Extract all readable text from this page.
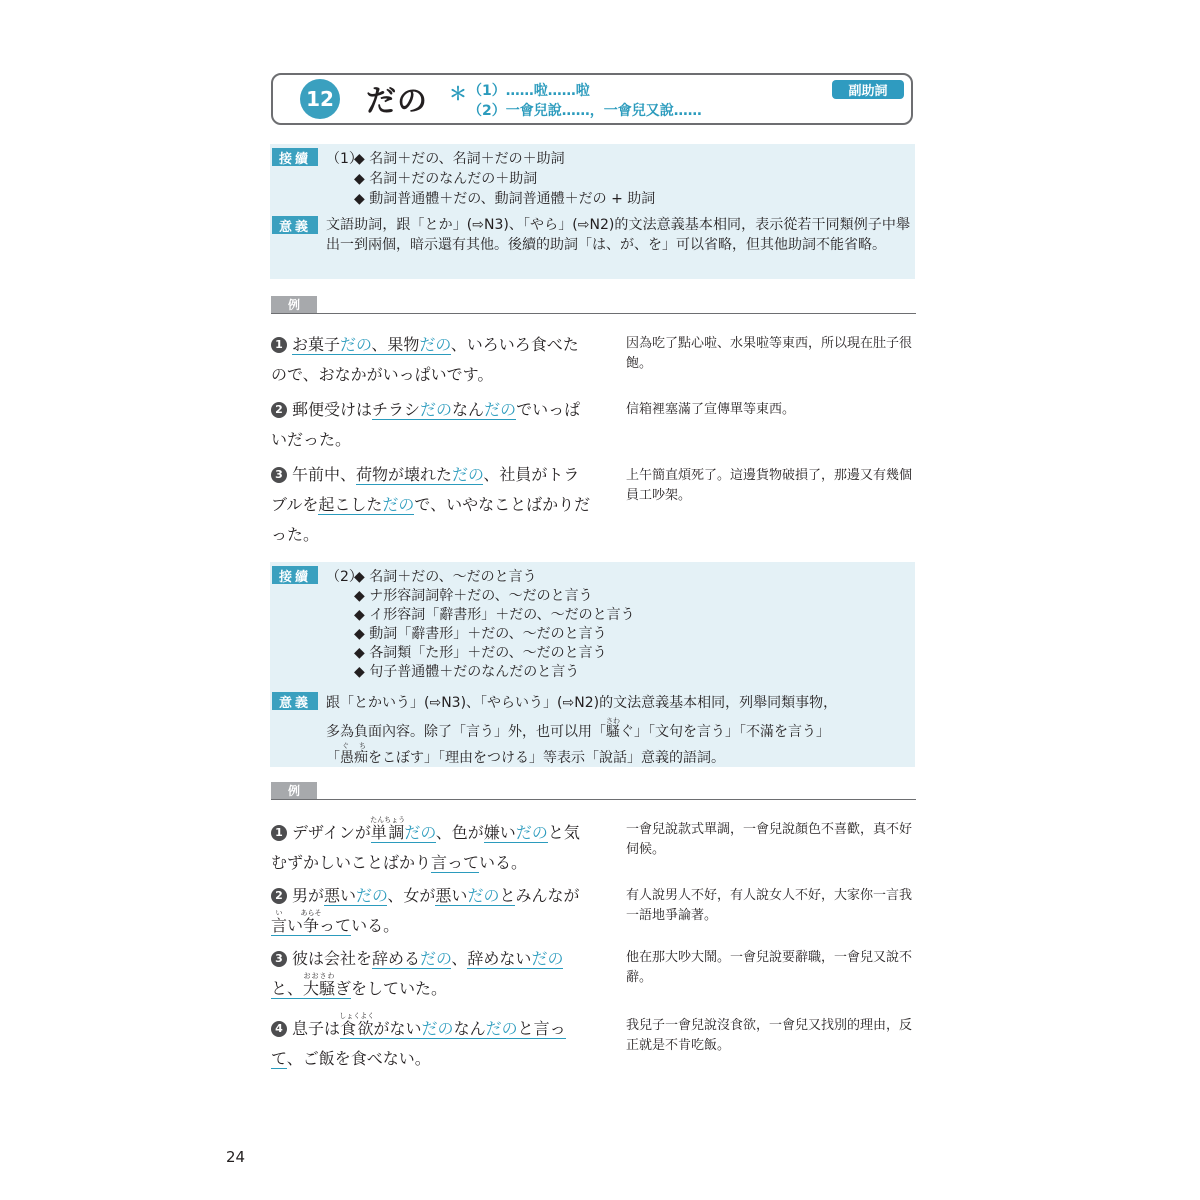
12 だの ＊ （1）……啦……啦
（2）一會兒說……，一會兒又說……
副助詞
接續	（1）
◆ 名詞＋だの、名詞＋だの＋助詞
◆ 名詞＋だのなんだの＋助詞
◆ 動詞普通體＋だの、動詞普通體＋だの + 助詞
意義	文語助詞，跟「とか」(⇨N3)、「やら」(⇨N2)的文法意義基本相同，表示從若干同類例子中舉出一到兩個，暗示還有其他。後續的助詞「は、が、を」可以省略，但其他助詞不能省略。
例
1 お菓子だの、果物だの、いろいろ食べたので、おなかがいっぱいです。
因為吃了點心啦、水果啦等東西，所以現在肚子很飽。
2 郵便受けはチラシだのなんだのでいっぱいだった。
信箱裡塞滿了宣傳單等東西。
3 午前中、荷物が壊れただの、社員がトラブルを起こしただので、いやなことばかりだった。
上午簡直煩死了。這邊貨物破損了，那邊又有幾個員工吵架。
接續	（2）
◆ 名詞＋だの、～だのと言う
◆ ナ形容詞詞幹＋だの、～だのと言う
◆ イ形容詞「辭書形」＋だの、～だのと言う
◆ 動詞「辭書形」＋だの、～だのと言う
◆ 各詞類「た形」＋だの、～だのと言う
◆ 句子普通體＋だのなんだのと言う
意義	跟「とかいう」(⇨N3)、「やらいう」(⇨N2)的文法意義基本相同，列舉同類事物，
多為負面內容。除了「言う」外，也可以用「騷さわぐ」「文句を言う」「不滿を言う」
「愚痴ぐ ちをこぼす」「理由をつける」等表示「說話」意義的語詞。
例
1 デザインが単調たんちょうだの、色が嫌いだのと気むずかしいことばかり言っている。
一會兒說款式單調，一會兒說顏色不喜歡，真不好伺候。
2 男が悪いだの、女が悪いだのとみんなが言いい争あらそっている。
有人說男人不好，有人說女人不好，大家你一言我一語地爭論著。
3 彼は会社を辞めるだの、辞めないだのと、大騒おおさわぎをしていた。
他在那大吵大鬧。一會兒說要辭職，一會兒又說不辭。
4 息子は食欲しょくよくがないだのなんだのと言って、ご飯を食べない。
我兒子一會兒說沒食欲，一會兒又找別的理由，反正就是不肯吃飯。
24
